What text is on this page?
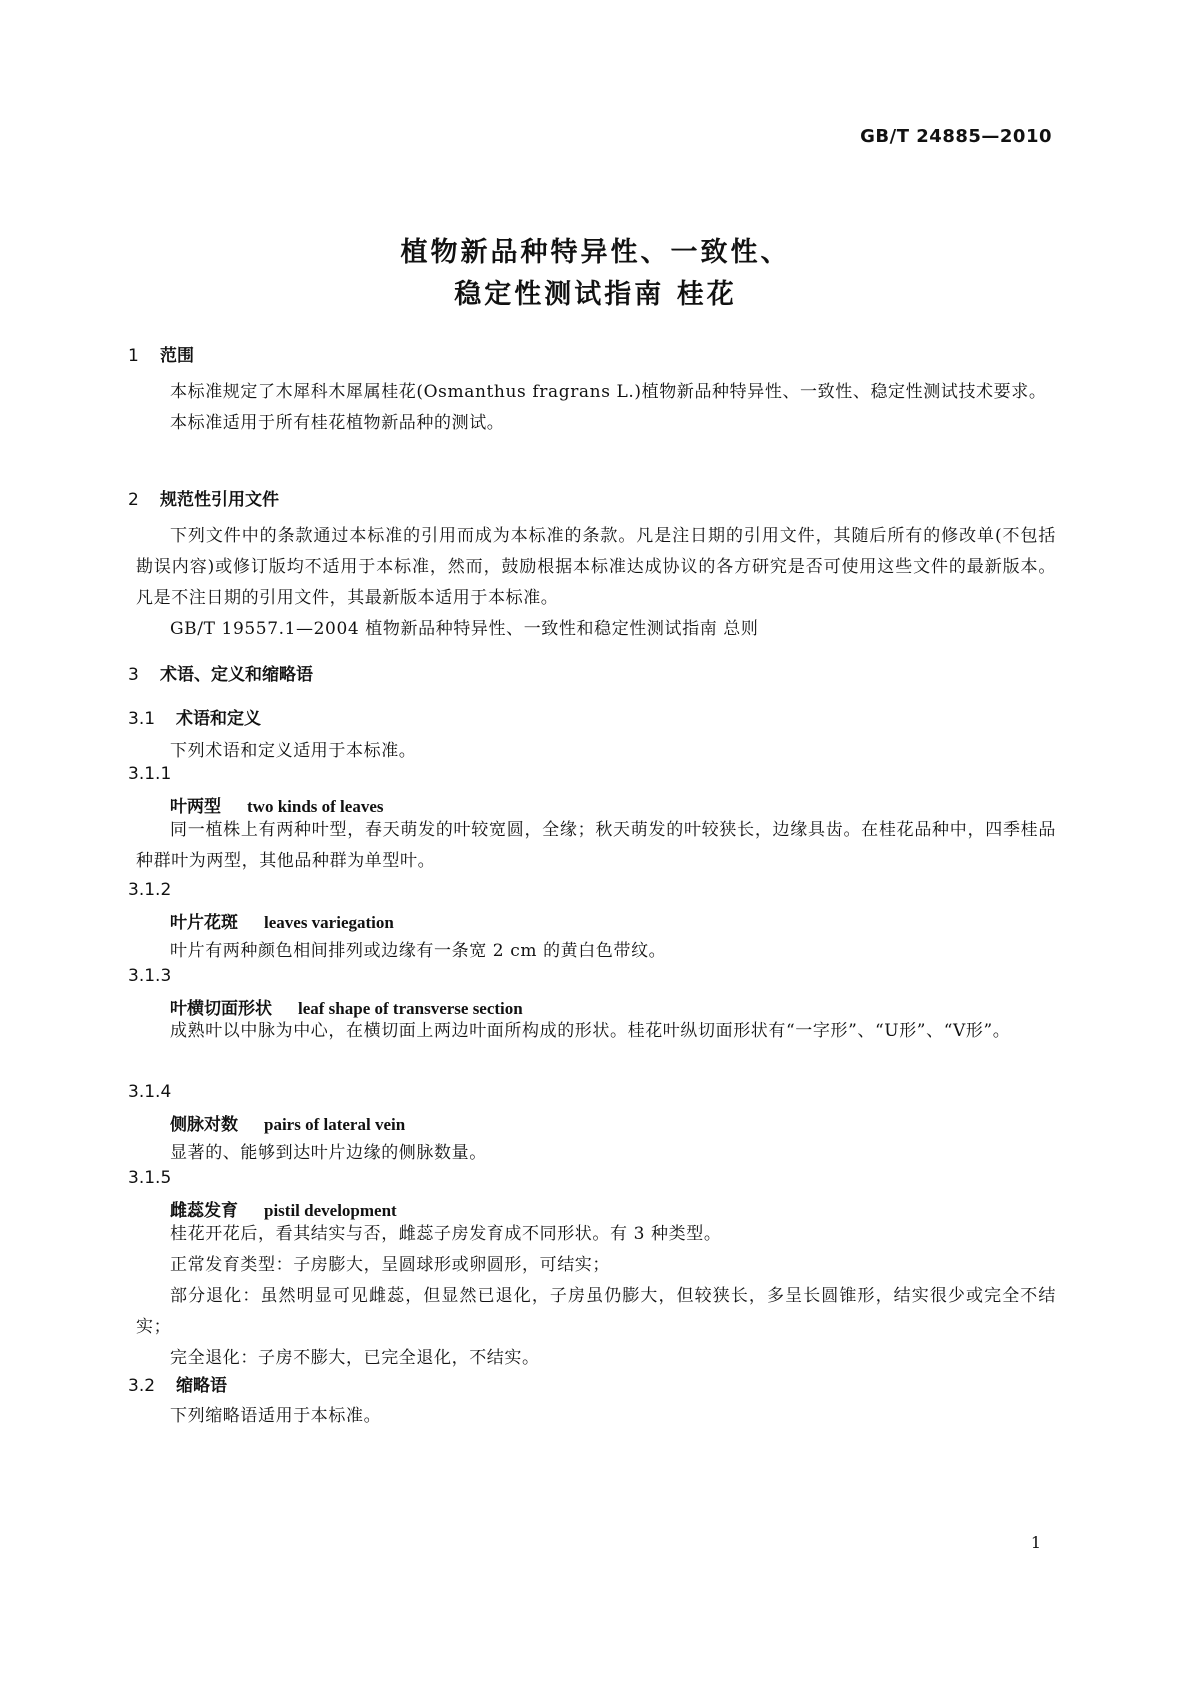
GB/T 24885—2010
植物新品种特异性、一致性、
稳定性测试指南 桂花
1 范围

本标准规定了木犀科木犀属桂花(Osmanthus fragrans L.)植物新品种特异性、一致性、稳定性测试技术要求。

本标准适用于所有桂花植物新品种的测试。

2 规范性引用文件

下列文件中的条款通过本标准的引用而成为本标准的条款。凡是注日期的引用文件，其随后所有的修改单(不包括勘误内容)或修订版均不适用于本标准，然而，鼓励根据本标准达成协议的各方研究是否可使用这些文件的最新版本。凡是不注日期的引用文件，其最新版本适用于本标准。

GB/T 19557.1—2004 植物新品种特异性、一致性和稳定性测试指南 总则

3 术语、定义和缩略语
3.1 术语和定义
下列术语和定义适用于本标准。
3.1.1
叶两型 two kinds of leaves

同一植株上有两种叶型，春天萌发的叶较宽圆，全缘；秋天萌发的叶较狭长，边缘具齿。在桂花品种中，四季桂品种群叶为两型，其他品种群为单型叶。

3.1.2
叶片花斑 leaves variegation
叶片有两种颜色相间排列或边缘有一条宽 2 cm 的黄白色带纹。
3.1.3
叶横切面形状 leaf shape of transverse section

成熟叶以中脉为中心，在横切面上两边叶面所构成的形状。桂花叶纵切面形状有“一字形”、“U形”、“V形”。

3.1.4
侧脉对数 pairs of lateral vein
显著的、能够到达叶片边缘的侧脉数量。
3.1.5
雌蕊发育 pistil development

桂花开花后，看其结实与否，雌蕊子房发育成不同形状。有 3 种类型。

正常发育类型：子房膨大，呈圆球形或卵圆形，可结实；

部分退化：虽然明显可见雌蕊，但显然已退化，子房虽仍膨大，但较狭长，多呈长圆锥形，结实很少或完全不结实；

完全退化：子房不膨大，已完全退化，不结实。

3.2 缩略语
下列缩略语适用于本标准。
1
